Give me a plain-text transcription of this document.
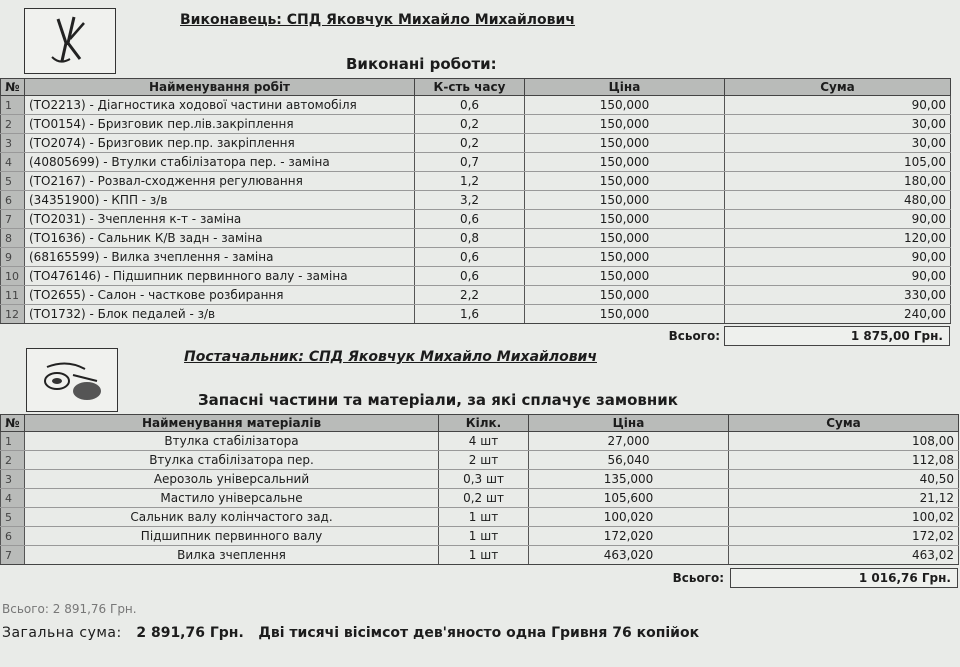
Виконавець: СПД Яковчук Михайло Михайлович
Виконані роботи:
№	Найменування робіт	К-сть часу	Ціна	Сума
1	(ТО2213) - Діагностика ходової частини автомобіля	0,6	150,000	90,00
2	(ТО0154) - Бризговик пер.лів.закріплення	0,2	150,000	30,00
3	(ТО2074) - Бризговик пер.пр. закріплення	0,2	150,000	30,00
4	(40805699) - Втулки стабілізатора пер. - заміна	0,7	150,000	105,00
5	(ТО2167) - Розвал-сходження регулювання	1,2	150,000	180,00
6	(34351900) - КПП - з/в	3,2	150,000	480,00
7	(ТО2031) - Зчеплення к-т - заміна	0,6	150,000	90,00
8	(ТО1636) - Сальник К/В задн - заміна	0,8	150,000	120,00
9	(68165599) - Вилка зчеплення - заміна	0,6	150,000	90,00
10	(ТО476146) - Підшипник первинного валу - заміна	0,6	150,000	90,00
11	(ТО2655) - Салон - часткове розбирання	2,2	150,000	330,00
12	(ТО1732) - Блок педалей - з/в	1,6	150,000	240,00
Всього:	1 875,00 Грн.
Постачальник: СПД Яковчук Михайло Михайлович
Запасні частини та матеріали, за які сплачує замовник
№	Найменування матеріалів	Кілк.	Ціна	Сума
1	Втулка стабілізатора	4 шт	27,000	108,00
2	Втулка стабілізатора пер.	2 шт	56,040	112,08
3	Аерозоль універсальний	0,3 шт	135,000	40,50
4	Мастило універсальне	0,2 шт	105,600	21,12
5	Сальник валу колінчастого зад.	1 шт	100,020	100,02
6	Підшипник первинного валу	1 шт	172,020	172,02
7	Вилка зчеплення	1 шт	463,020	463,02
Всього:	1 016,76 Грн.
Всього: 2 891,76 Грн.
Загальна сума: 2 891,76 Грн. Дві тисячі вісімсот дев'яносто одна Гривня 76 копійок
